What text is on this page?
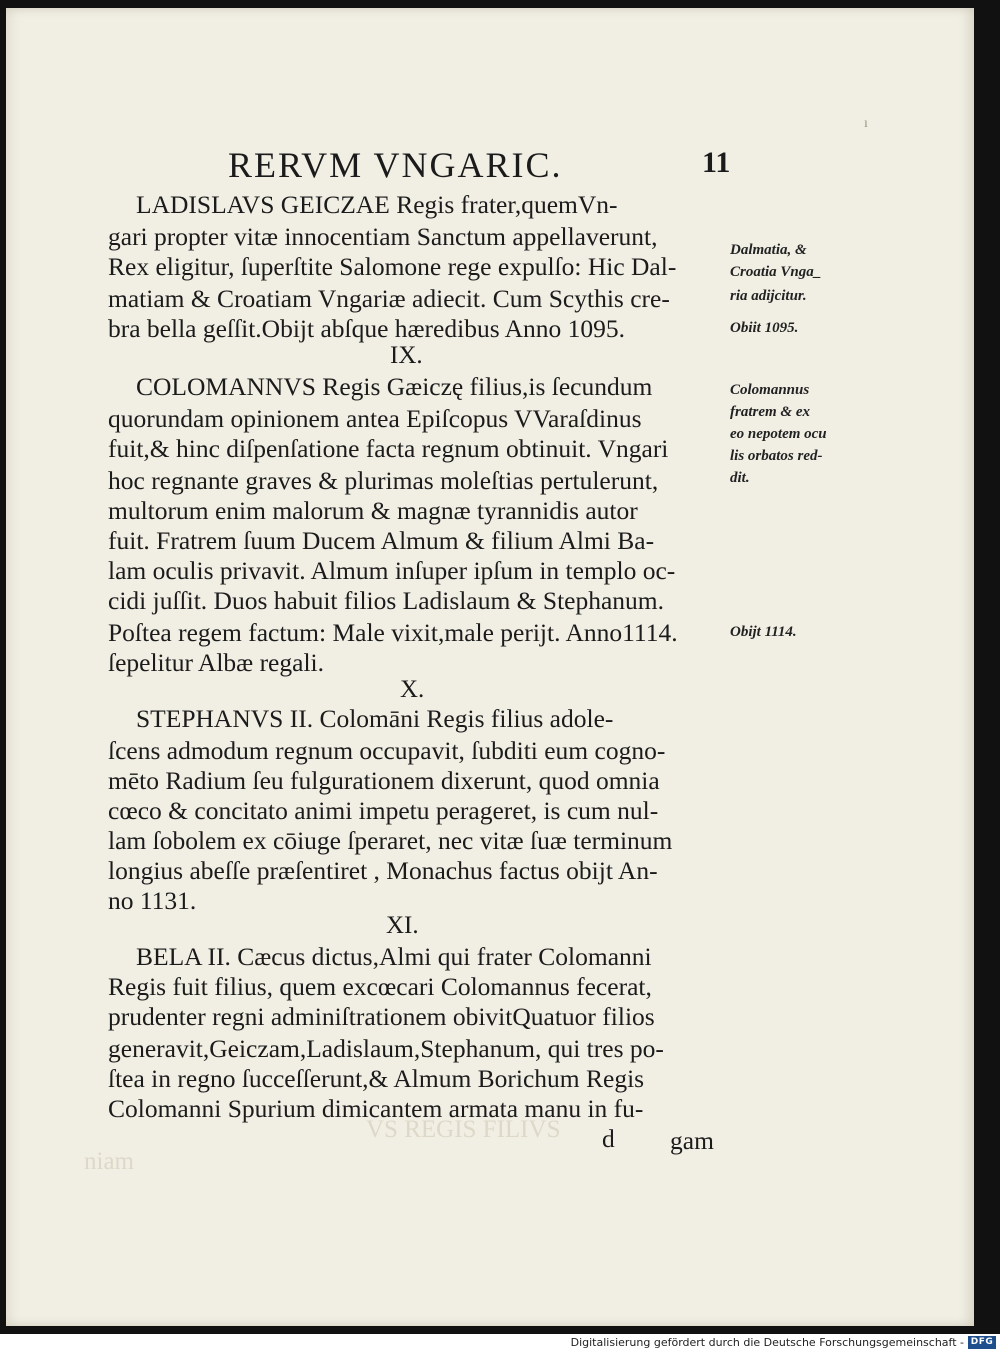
VS REGIS FILIVS
niam
ı
RERVM VNGARIC.	11
LADISLAVS GEICZAE Regis frater,quemVn-
gari propter vitæ innocentiam Sanctum appellaverunt,
Rex eligitur, ſuperſtite Salomone rege expulſo: Hic Dal-
matiam & Croatiam Vngariæ adiecit. Cum Scythis cre-
bra bella geſſit.Obijt abſque hæredibus Anno 1095.
IX.
COLOMANNVS Regis Gæiczę filius,is ſecundum
quorundam opinionem antea Epiſcopus VVaraſdinus
fuit,& hinc diſpenſatione facta regnum obtinuit. Vngari
hoc regnante graves & plurimas moleſtias pertulerunt,
multorum enim malorum & magnæ tyrannidis autor
fuit. Fratrem ſuum Ducem Almum & filium Almi Ba-
lam oculis privavit. Almum inſuper ipſum in templo oc-
cidi juſſit. Duos habuit filios Ladislaum & Stephanum.
Poſtea regem factum: Male vixit,male perijt. Anno1114.
ſepelitur Albæ regali.
X.
STEPHANVS II. Colomāni Regis filius adole-
ſcens admodum regnum occupavit, ſubditi eum cogno-
mēto Radium ſeu fulgurationem dixerunt, quod omnia
cœco & concitato animi impetu perageret, is cum nul-
lam ſobolem ex cōiuge ſperaret, nec vitæ ſuæ terminum
longius abeſſe præſentiret , Monachus factus obijt An-
no 1131.
XI.
BELA II. Cæcus dictus,Almi qui frater Colomanni
Regis fuit filius, quem excœcari Colomannus fecerat,
prudenter regni adminiſtrationem obivitQuatuor filios
generavit,Geiczam,Ladislaum,Stephanum, qui tres po-
ſtea in regno ſucceſſerunt,& Almum Borichum Regis
Colomanni Spurium dimicantem armata manu in fu-
d gam
Dalmatia, &
Croatia Vnga_
ria adijcitur.
Obiit 1095.
Colomannus
fratrem & ex
eo nepotem ocu
lis orbatos red-
dit.
Obijt 1114.
Digitalisierung gefördert durch die Deutsche Forschungsgemeinschaft - DFG
